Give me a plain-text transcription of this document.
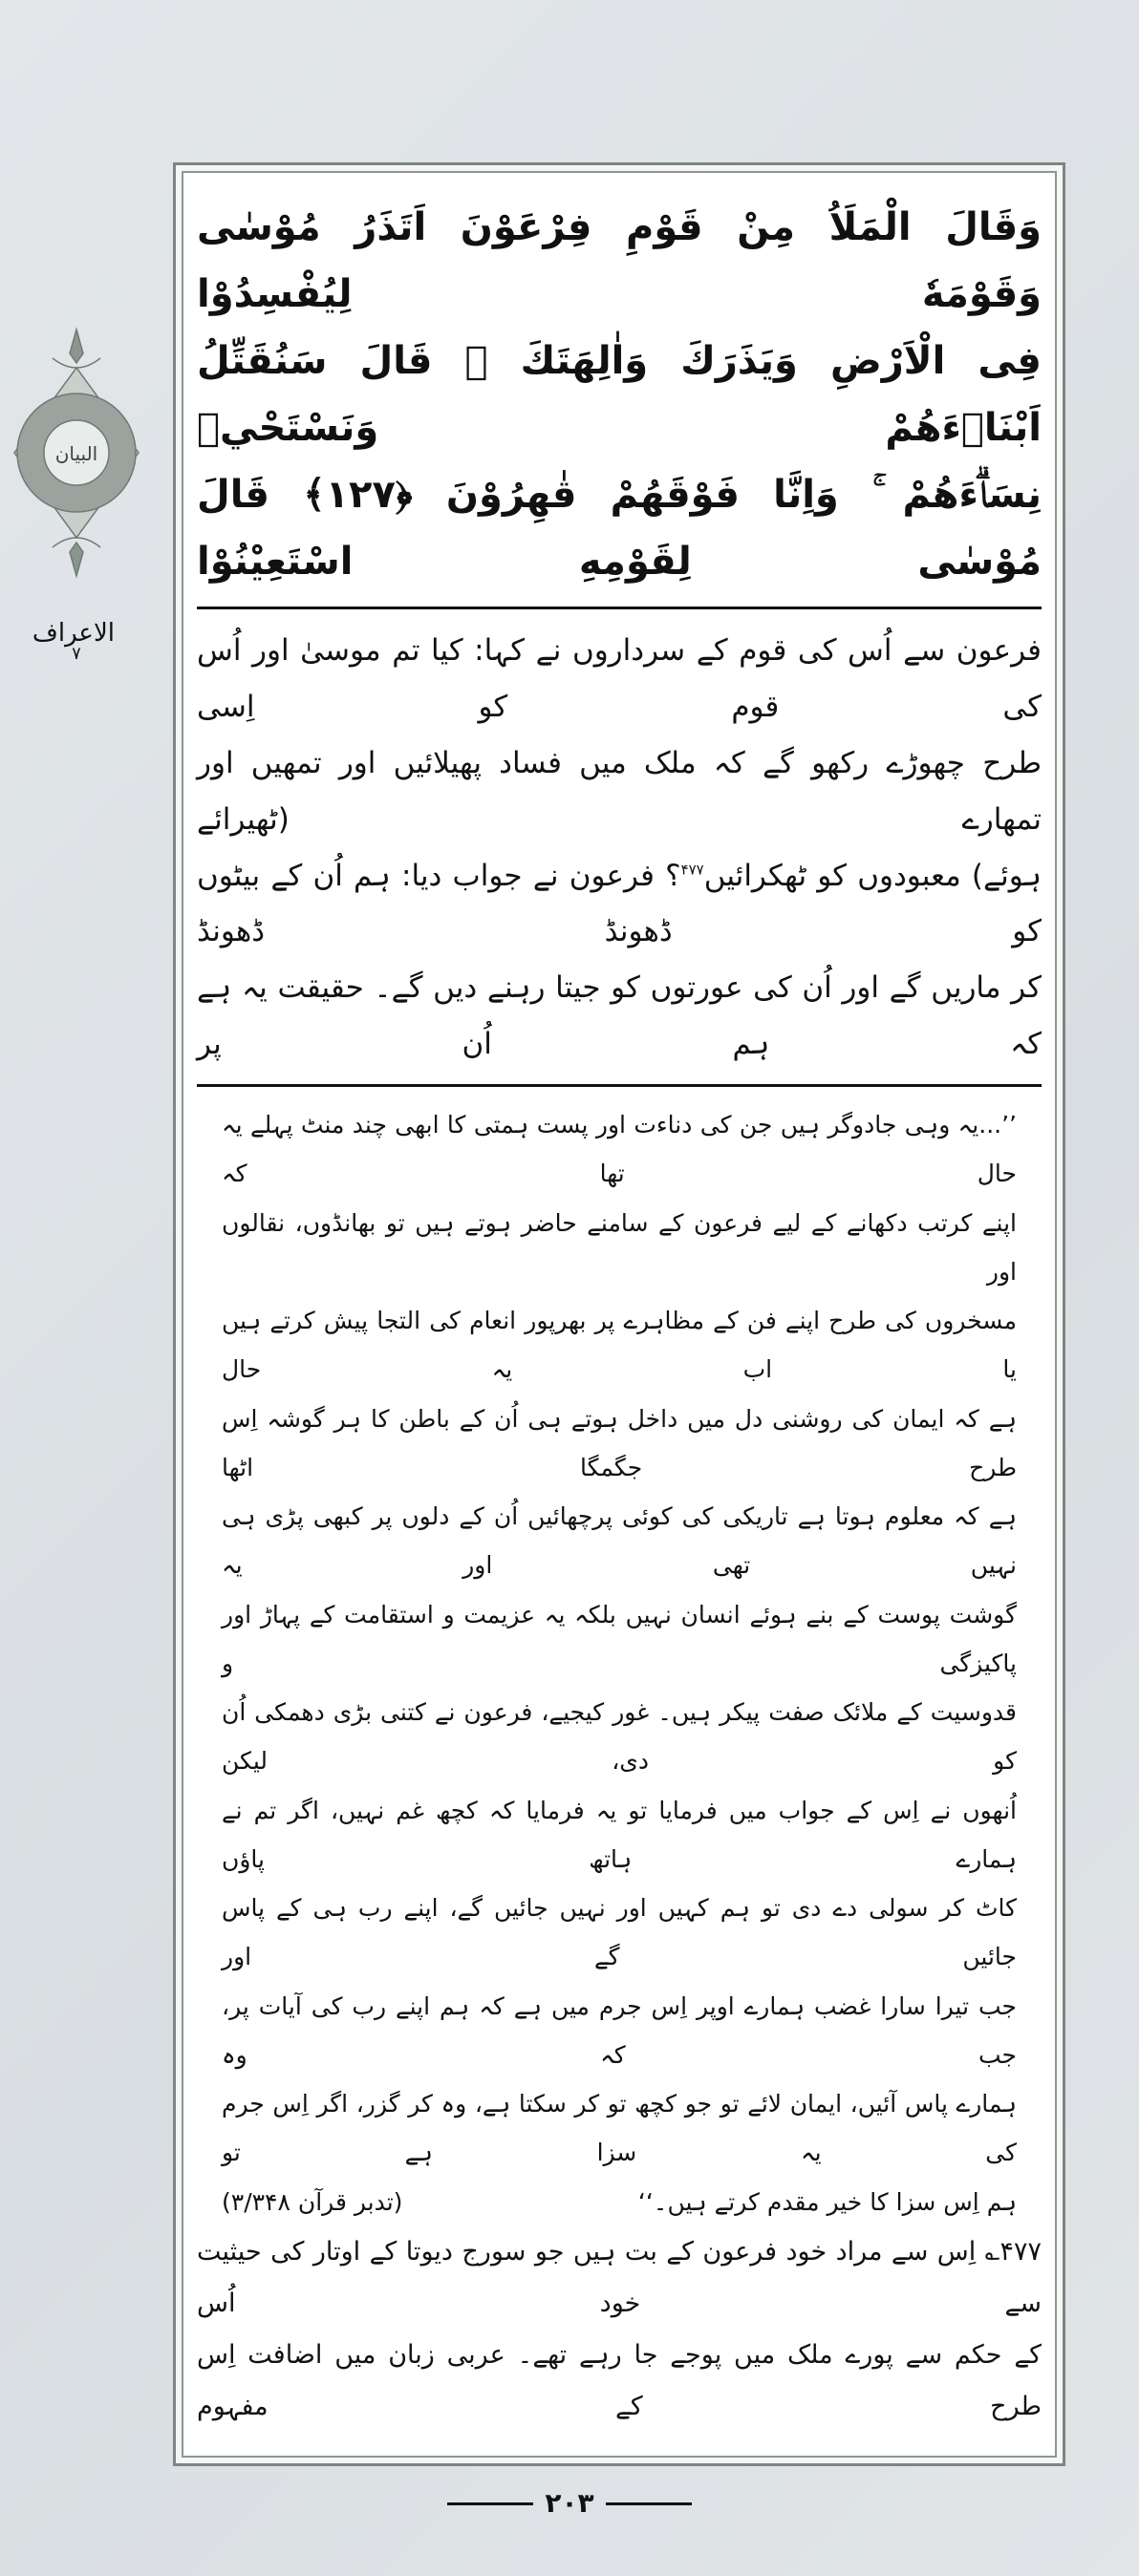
البیان
الاعراف
۷
وَقَالَ الْمَلَاُ مِنْ قَوْمِ فِرْعَوْنَ اَتَذَرُ مُوْسٰى وَقَوْمَهٗ لِيُفْسِدُوْا
فِى الْاَرْضِ وَيَذَرَكَ وَاٰلِهَتَكَ ۭ قَالَ سَنُقَتِّلُ اَبْنَاۗءَهُمْ وَنَسْتَحْيٖ
نِسَاۗءَهُمْ ۚ وَاِنَّا فَوْقَهُمْ قٰهِرُوْنَ ﴿١٢٧﴾ قَالَ مُوْسٰى لِقَوْمِهِ اسْتَعِيْنُوْا
فرعون سے اُس کی قوم کے سرداروں نے کہا: کیا تم موسیٰ اور اُس کی قوم کو اِسی
طرح چھوڑے رکھو گے کہ ملک میں فساد پھیلائیں اور تمھیں اور تمھارے (ٹھیرائے
ہوئے) معبودوں کو ٹھکرائیں$^{۴۷۷}$؟ فرعون نے جواب دیا: ہم اُن کے بیٹوں کو ڈھونڈ ڈھونڈ
کر ماریں گے اور اُن کی عورتوں کو جیتا رہنے دیں گے۔ حقیقت یہ ہے کہ ہم اُن پر
’’...یہ وہی جادوگر ہیں جن کی دناءت اور پست ہمتی کا ابھی چند منٹ پہلے یہ حال تھا کہ
اپنے کرتب دکھانے کے لیے فرعون کے سامنے حاضر ہوتے ہیں تو بھانڈوں، نقالوں اور
مسخروں کی طرح اپنے فن کے مظاہرے پر بھرپور انعام کی التجا پیش کرتے ہیں یا اب یہ حال
ہے کہ ایمان کی روشنی دل میں داخل ہوتے ہی اُن کے باطن کا ہر گوشہ اِس طرح جگمگا اٹھا
ہے کہ معلوم ہوتا ہے تاریکی کی کوئی پرچھائیں اُن کے دلوں پر کبھی پڑی ہی نہیں تھی اور یہ
گوشت پوست کے بنے ہوئے انسان نہیں بلکہ یہ عزیمت و استقامت کے پہاڑ اور پاکیزگی و
قدوسیت کے ملائک صفت پیکر ہیں۔ غور کیجیے، فرعون نے کتنی بڑی دھمکی اُن کو دی، لیکن
اُنھوں نے اِس کے جواب میں فرمایا تو یہ فرمایا کہ کچھ غم نہیں، اگر تم نے ہمارے ہاتھ پاؤں
کاٹ کر سولی دے دی تو ہم کہیں اور نہیں جائیں گے، اپنے رب ہی کے پاس جائیں گے اور
جب تیرا سارا غضب ہمارے اوپر اِس جرم میں ہے کہ ہم اپنے رب کی آیات پر، جب کہ وہ
ہمارے پاس آئیں، ایمان لائے تو جو کچھ تو کر سکتا ہے، وہ کر گزر، اگر اِس جرم کی یہ سزا ہے تو
ہم اِس سزا کا خیر مقدم کرتے ہیں۔‘‘
(تدبر قرآن ۳/۳۴۸)
۴۷۷؎ اِس سے مراد خود فرعون کے بت ہیں جو سورج دیوتا کے اوتار کی حیثیت سے خود اُس
کے حکم سے پورے ملک میں پوجے جا رہے تھے۔ عربی زبان میں اضافت اِس طرح کے مفہوم
۲۰۳
